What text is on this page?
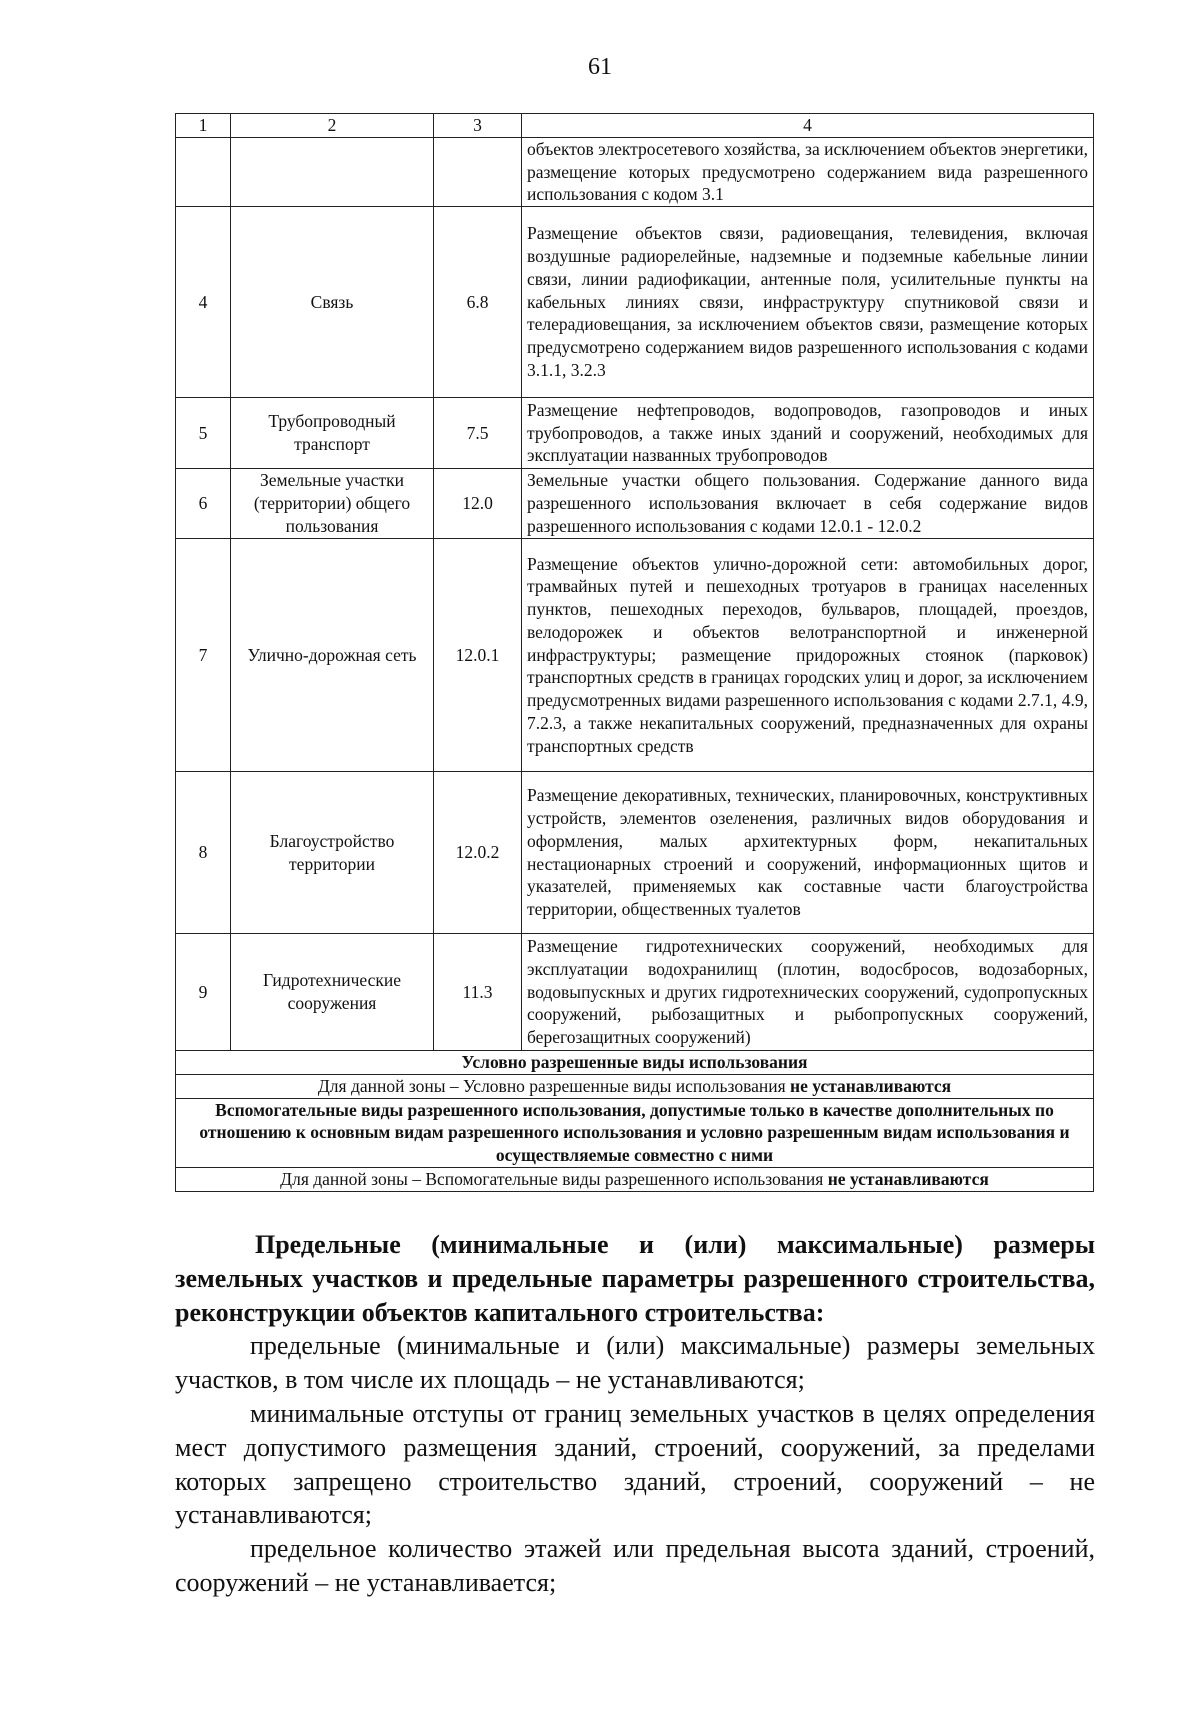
61
1	2	3	4
			объектов электросетевого хозяйства, за исключением объектов энергетики, размещение которых предусмотрено содержанием вида разрешенного использования с кодом 3.1
4	Связь	6.8	Размещение объектов связи, радиовещания, телевидения, включая воздушные радиорелейные, надземные и подземные кабельные линии связи, линии радиофикации, антенные поля, усилительные пункты на кабельных линиях связи, инфраструктуру спутниковой связи и телерадиовещания, за исключением объектов связи, размещение которых предусмотрено содержанием видов разрешенного использования с кодами 3.1.1, 3.2.3
5	Трубопроводный транспорт	7.5	Размещение нефтепроводов, водопроводов, газопроводов и иных трубопроводов, а также иных зданий и сооружений, необходимых для эксплуатации названных трубопроводов
6	Земельные участки (территории) общего пользования	12.0	Земельные участки общего пользования. Содержание данного вида разрешенного использования включает в себя содержание видов разрешенного использования с кодами 12.0.1 - 12.0.2
7	Улично-дорожная сеть	12.0.1	Размещение объектов улично-дорожной сети: автомобильных дорог, трамвайных путей и пешеходных тротуаров в границах населенных пунктов, пешеходных переходов, бульваров, площадей, проездов, велодорожек и объектов велотранспортной и инженерной инфраструктуры; размещение придорожных стоянок (парковок) транспортных средств в границах городских улиц и дорог, за исключением предусмотренных видами разрешенного использования с кодами 2.7.1, 4.9, 7.2.3, а также некапитальных сооружений, предназначенных для охраны транспортных средств
8	Благоустройство территории	12.0.2	Размещение декоративных, технических, планировочных, конструктивных устройств, элементов озеленения, различных видов оборудования и оформления, малых архитектурных форм, некапитальных нестационарных строений и сооружений, информационных щитов и указателей, применяемых как составные части благоустройства территории, общественных туалетов
9	Гидротехнические сооружения	11.3	Размещение гидротехнических сооружений, необходимых для эксплуатации водохранилищ (плотин, водосбросов, водозаборных, водовыпускных и других гидротехнических сооружений, судопропускных сооружений, рыбозащитных и рыбопропускных сооружений, берегозащитных сооружений)
Условно разрешенные виды использования			
Для данной зоны – Условно разрешенные виды использования не устанавливаются			
Вспомогательные виды разрешенного использования, допустимые только в качестве дополнительных по отношению к основным видам разрешенного использования и условно разрешенным видам использования и осуществляемые совместно с ними			
Для данной зоны – Вспомогательные виды разрешенного использования не устанавливаются			
Предельные (минимальные и (или) максимальные) размеры земельных участков и предельные параметры разрешенного строительства, реконструкции объектов капитального строительства:

предельные (минимальные и (или) максимальные) размеры земельных участков, в том числе их площадь – не устанавливаются;

минимальные отступы от границ земельных участков в целях определения мест допустимого размещения зданий, строений, сооружений, за пределами которых запрещено строительство зданий, строений, сооружений – не устанавливаются;

предельное количество этажей или предельная высота зданий, строений, сооружений – не устанавливается;
